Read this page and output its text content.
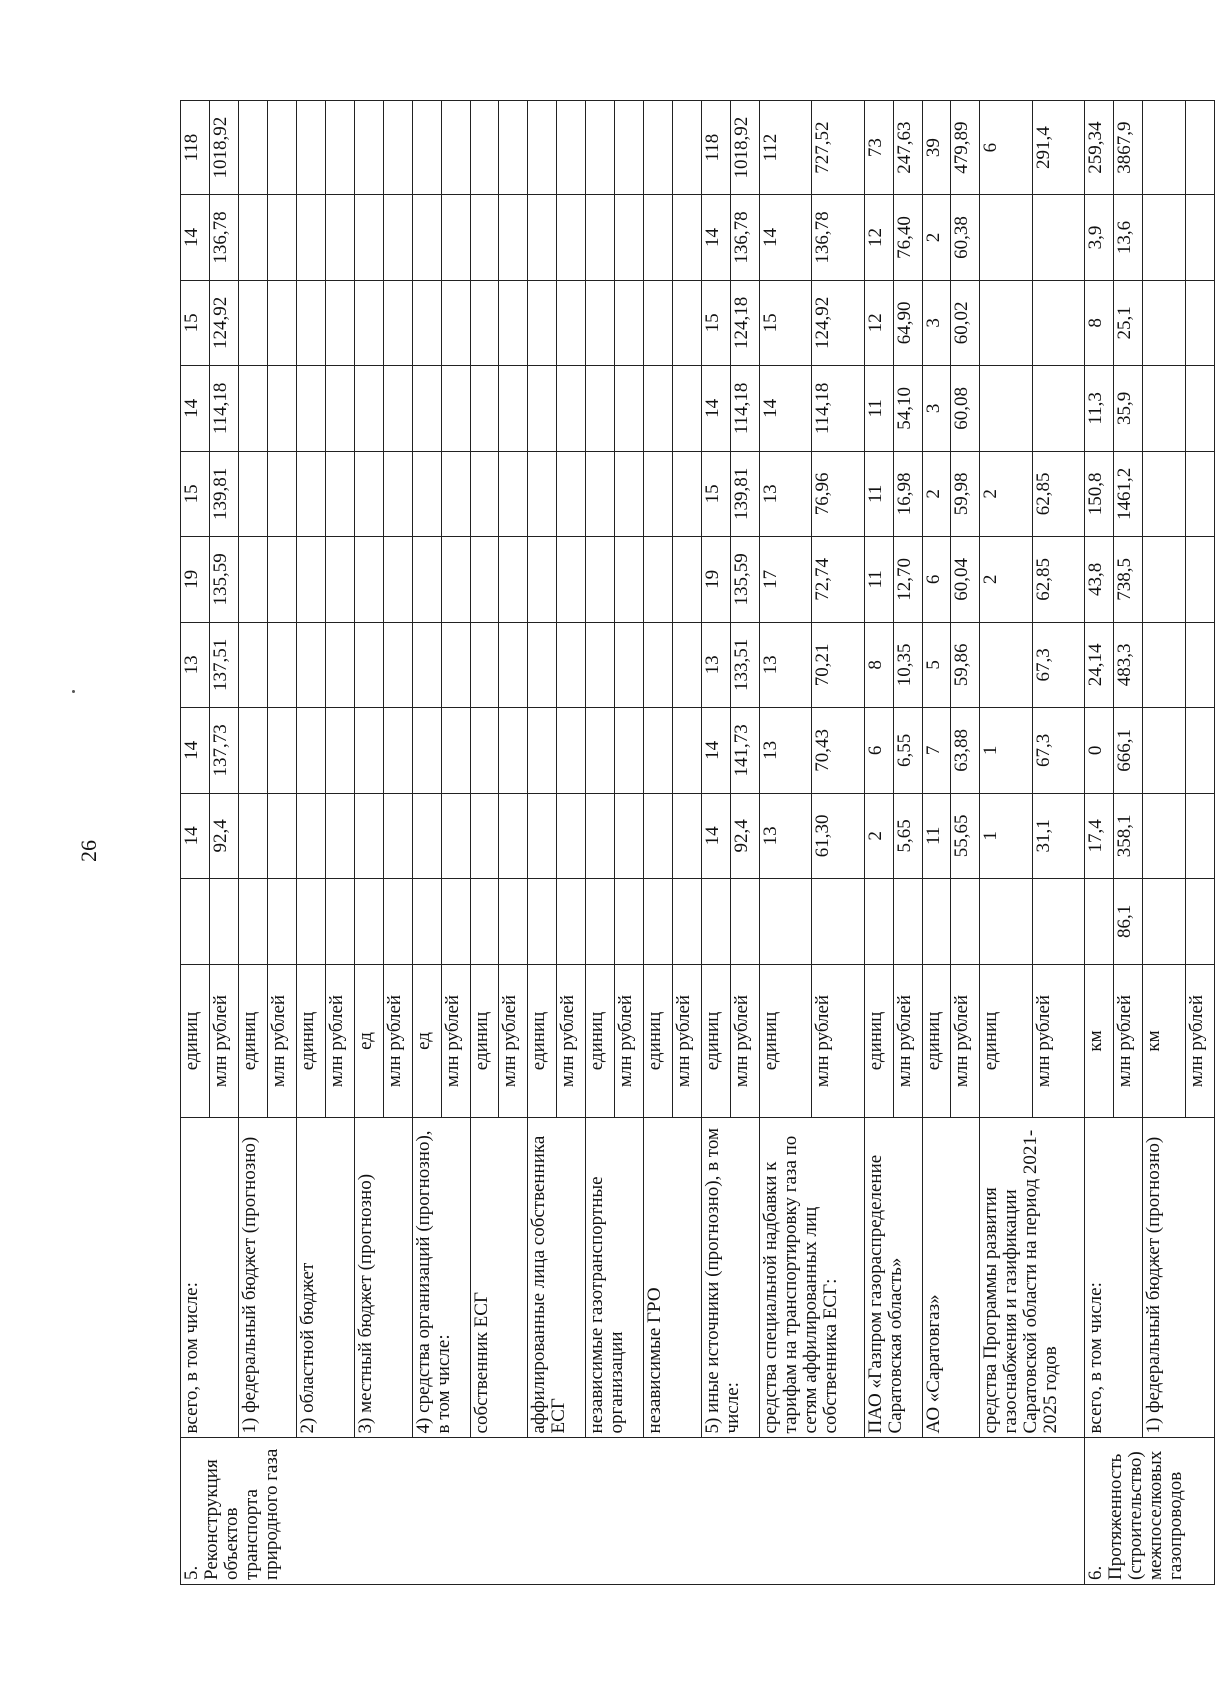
26
5. Реконструкция объектов транспорта природного газа	всего, в том числе:	единиц		14	14	13	19	15	14	15	14	118
		млн рублей		92,4	137,73	137,51	135,59	139,81	114,18	124,92	136,78	1018,92
	1) федеральный бюджет (прогнозно)	единиц										
		млн рублей										
	2) областной бюджет	единиц										
		млн рублей										
	3) местный бюджет (прогнозно)	ед										
		млн рублей										
	4) средства организаций (прогнозно), в том числе:	ед										
		млн рублей										
	собственник ЕСГ	единиц										
		млн рублей										
	аффилированные лица собственника ЕСГ	единиц										
		млн рублей										
	независимые газотранспортные организации	единиц										
		млн рублей										
	независимые ГРО	единиц										
		млн рублей										
	5) иные источники (прогнозно), в том числе:	единиц		14	14	13	19	15	14	15	14	118
		млн рублей		92,4	141,73	133,51	135,59	139,81	114,18	124,18	136,78	1018,92
	средства специальной надбавки к тарифам на транспортировку газа по сетям аффилированных лиц собственника ЕСГ:	единиц		13	13	13	17	13	14	15	14	112
		млн рублей		61,30	70,43	70,21	72,74	76,96	114,18	124,92	136,78	727,52
	ПАО «Газпром газораспределение Саратовская область»	единиц		2	6	8	11	11	11	12	12	73
		млн рублей		5,65	6,55	10,35	12,70	16,98	54,10	64,90	76,40	247,63
	АО «Саратовгаз»	единиц		11	7	5	6	2	3	3	2	39
		млн рублей		55,65	63,88	59,86	60,04	59,98	60,08	60,02	60,38	479,89
	средства Программы развития газоснабжения и газификации Саратовской области на период 2021-2025 годов	единиц		1	1		2	2				6
		млн рублей		31,1	67,3	67,3	62,85	62,85				291,4
6. Протяженность (строительство) межпоселковых газопроводов	всего, в том числе:	км		17,4	0	24,14	43,8	150,8	11,3	8	3,9	259,34
		млн рублей	86,1	358,1	666,1	483,3	738,5	1461,2	35,9	25,1	13,6	3867,9
	1) федеральный бюджет (прогнозно)	км										
		млн рублей										
